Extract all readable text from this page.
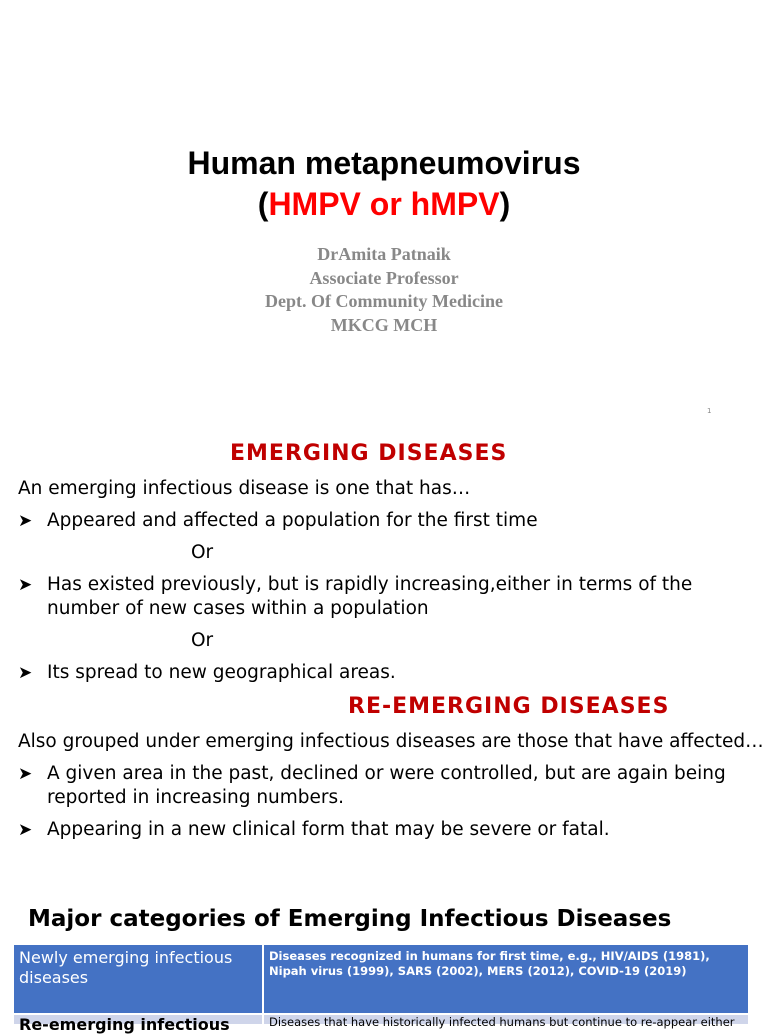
Human metapneumovirus
(HMPV or hMPV)
DrAmita Patnaik
Associate Professor
Dept. Of Community Medicine
MKCG MCH
1
EMERGING DISEASES
An emerging infectious disease is one that has…
➤ Appeared and affected a population for the first time
Or
➤ Has existed previously, but is rapidly increasing,either in terms of the
number of new cases within a population
Or
➤ Its spread to new geographical areas.
RE-EMERGING DISEASES
Also grouped under emerging infectious diseases are those that have affected…
➤ A given area in the past, declined or were controlled, but are again being
reported in increasing numbers.
➤ Appearing in a new clinical form that may be severe or fatal.
Major categories of Emerging Infectious Diseases
Newly emerging infectious diseases
Diseases recognized in humans for first time, e.g., HIV/AIDS (1981), Nipah virus (1999), SARS (2002), MERS (2012), COVID-19 (2019)
Re-emerging infectious	Diseases that have historically infected humans but continue to re-appear either
